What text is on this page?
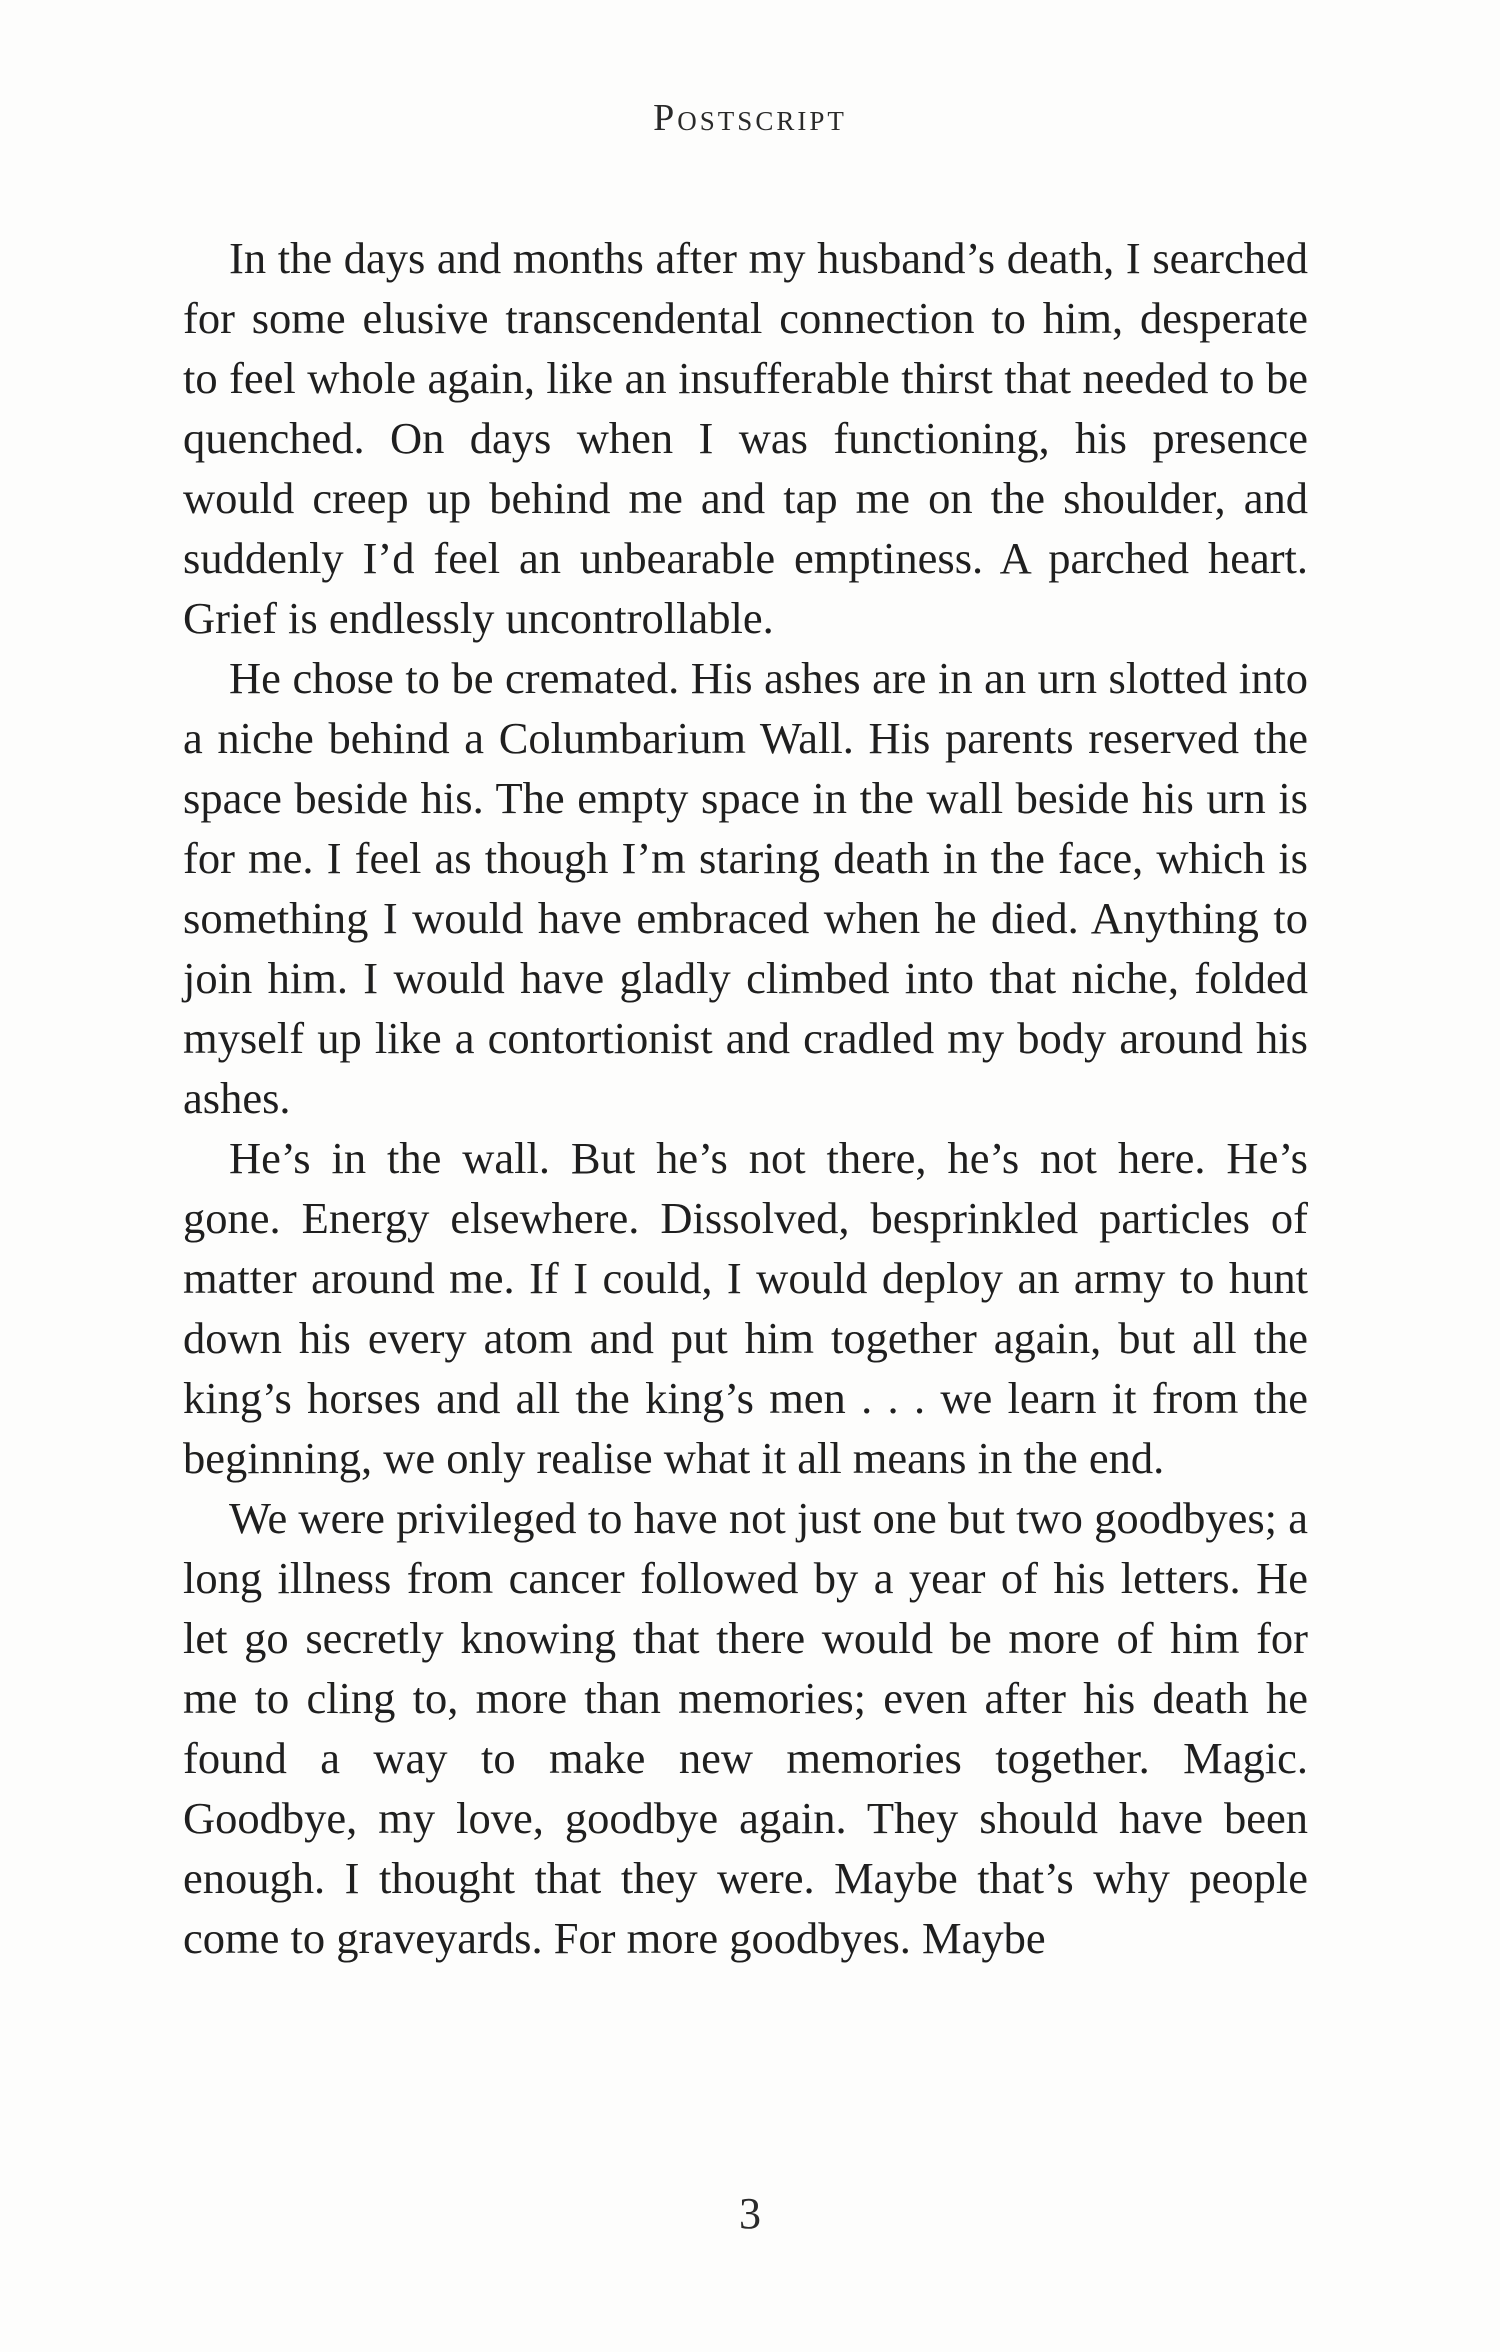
Postscript

In the days and months after my husband’s death, I searched for some elusive transcendental connection to him, desperate to feel whole again, like an insufferable thirst that needed to be quenched. On days when I was functioning, his presence would creep up behind me and tap me on the shoulder, and suddenly I’d feel an unbearable emptiness. A parched heart. Grief is endlessly uncontrollable.

He chose to be cremated. His ashes are in an urn slotted into a niche behind a Columbarium Wall. His parents reserved the space beside his. The empty space in the wall beside his urn is for me. I feel as though I’m staring death in the face, which is something I would have embraced when he died. Anything to join him. I would have gladly climbed into that niche, folded myself up like a contortionist and cradled my body around his ashes.

He’s in the wall. But he’s not there, he’s not here. He’s gone. Energy elsewhere. Dissolved, besprinkled particles of matter around me. If I could, I would deploy an army to hunt down his every atom and put him together again, but all the king’s horses and all the king’s men . . . we learn it from the beginning, we only realise what it all means in the end.

We were privileged to have not just one but two goodbyes; a long illness from cancer followed by a year of his letters. He let go secretly knowing that there would be more of him for me to cling to, more than memories; even after his death he found a way to make new memories together. Magic. Goodbye, my love, goodbye again. They should have been enough. I thought that they were. Maybe that’s why people come to graveyards. For more goodbyes. Maybe

3
